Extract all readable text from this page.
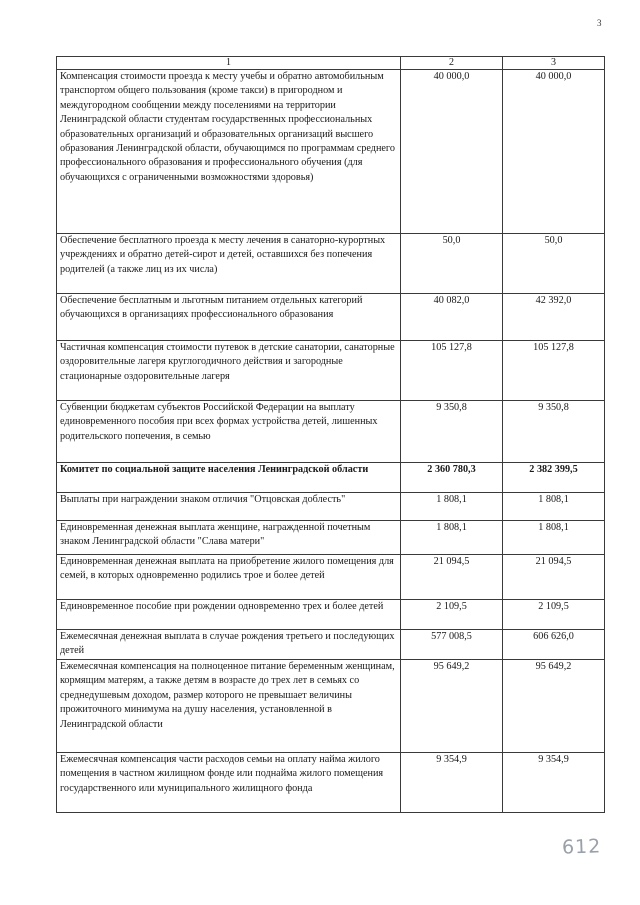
3
1	2	3
Компенсация стоимости проезда к месту учебы и обратно автомобильным транспортом общего пользования (кроме такси) в пригородном и междугородном сообщении между поселениями на территории Ленинградской области студентам государственных профессиональных образовательных организаций и образовательных организаций высшего образования Ленинградской области, обучающимся по программам среднего профессионального образования и профессионального обучения (для обучающихся с ограниченными возможностями здоровья)	40 000,0	40 000,0
Обеспечение бесплатного проезда к месту лечения в санаторно-курортных учреждениях и обратно детей-сирот и детей, оставшихся без попечения родителей (а также лиц из их числа)	50,0	50,0
Обеспечение бесплатным и льготным питанием отдельных категорий обучающихся в организациях профессионального образования	40 082,0	42 392,0
Частичная компенсация стоимости путевок в детские санатории, санаторные оздоровительные лагеря круглогодичного действия и загородные стационарные оздоровительные лагеря	105 127,8	105 127,8
Субвенции бюджетам субъектов Российской Федерации на выплату единовременного пособия при всех формах устройства детей, лишенных родительского попечения, в семью	9 350,8	9 350,8
Комитет по социальной защите населения Ленинградской области	2 360 780,3	2 382 399,5
Выплаты при награждении знаком отличия "Отцовская доблесть"	1 808,1	1 808,1
Единовременная денежная выплата женщине, награжденной почетным знаком Ленинградской области "Слава матери"	1 808,1	1 808,1
Единовременная денежная выплата на приобретение жилого помещения для семей, в которых одновременно родились трое и более детей	21 094,5	21 094,5
Единовременное пособие при рождении одновременно трех и более детей	2 109,5	2 109,5
Ежемесячная денежная выплата в случае рождения третьего и последующих детей	577 008,5	606 626,0
Ежемесячная компенсация на полноценное питание беременным женщинам, кормящим матерям, а также детям в возрасте до трех лет в семьях со среднедушевым доходом, размер которого не превышает величины прожиточного минимума на душу населения, установленной в Ленинградской области	95 649,2	95 649,2
Ежемесячная компенсация части расходов семьи на оплату найма жилого помещения в частном жилищном фонде или поднайма жилого помещения государственного или муниципального жилищного фонда	9 354,9	9 354,9
612
